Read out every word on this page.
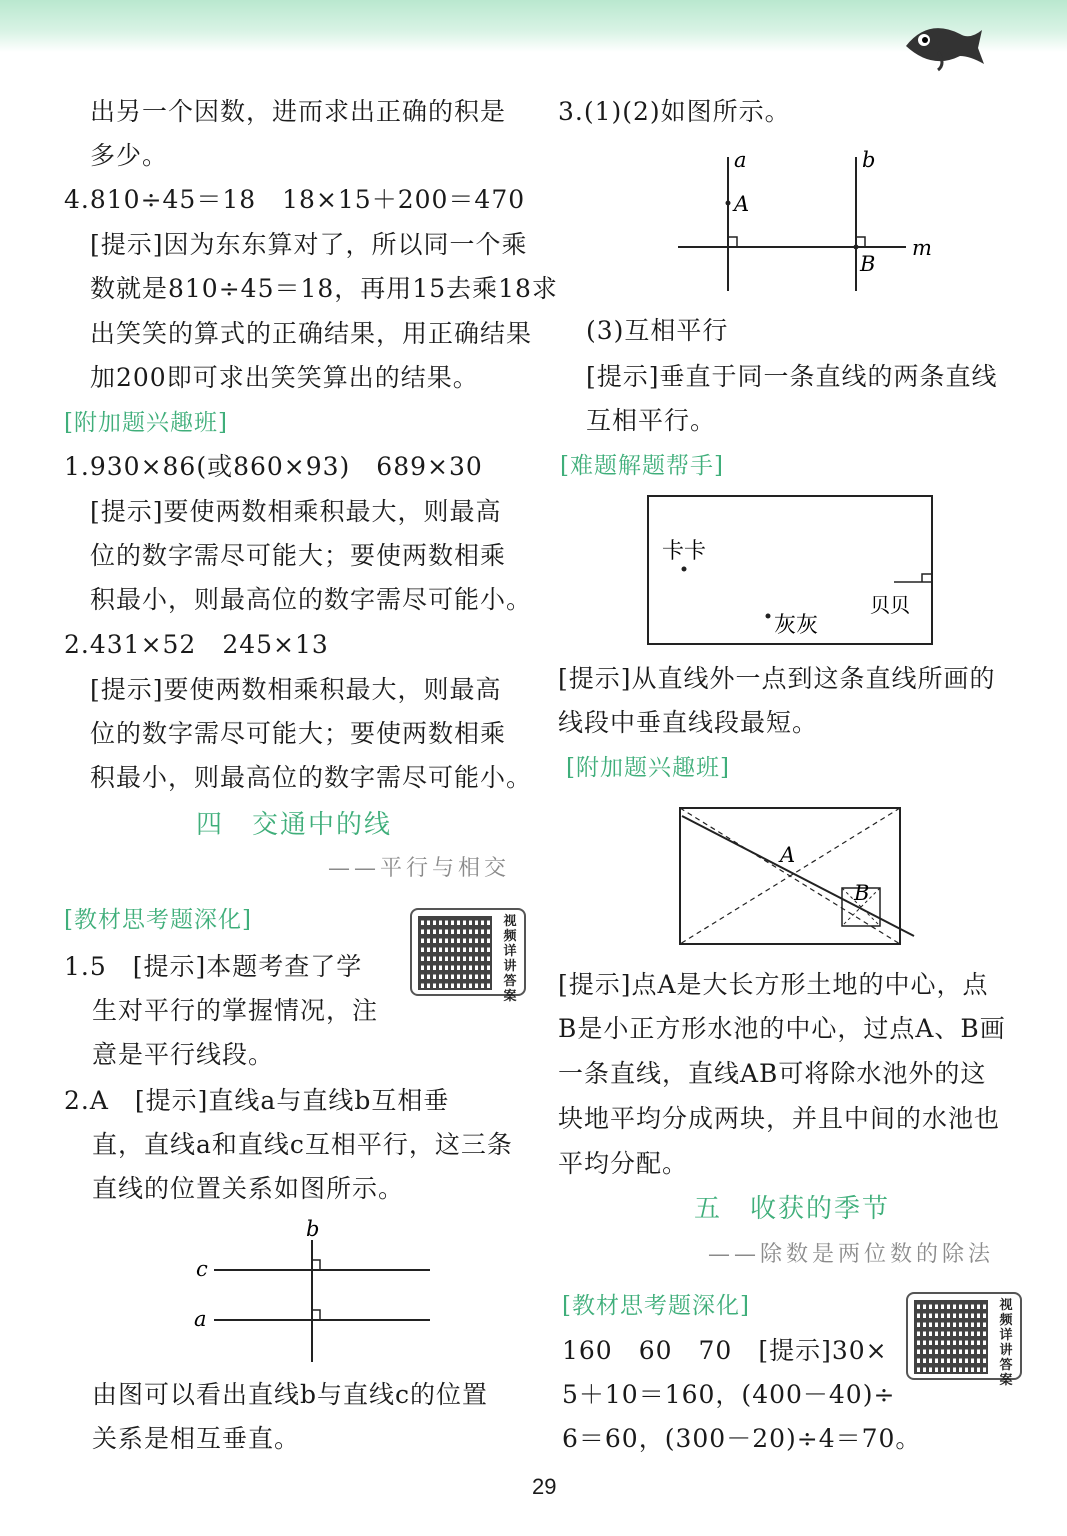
出另一个因数，进而求出正确的积是
多少。
4.810÷45＝18　18×15＋200＝470
[提示]因为东东算对了，所以同一个乘
数就是810÷45＝18，再用15去乘18求
出笑笑的算式的正确结果，用正确结果
加200即可求出笑笑算出的结果。
[附加题兴趣班]
1.930×86(或860×93)　689×30
[提示]要使两数相乘积最大，则最高
位的数字需尽可能大；要使两数相乘
积最小，则最高位的数字需尽可能小。
2.431×52　245×13
[提示]要使两数相乘积最大，则最高
位的数字需尽可能大；要使两数相乘
积最小，则最高位的数字需尽可能小。
四　交通中的线
——平行与相交
[教材思考题深化]	视频详讲答案
1.5　[提示]本题考查了学
生对平行的掌握情况，注
意是平行线段。
2.A　[提示]直线a与直线b互相垂
直，直线a和直线c互相平行，这三条
直线的位置关系如图所示。
b
c
a
由图可以看出直线b与直线c的位置
关系是相互垂直。
3.(1)(2)如图所示。
a
A
b
B
m
(3)互相平行
[提示]垂直于同一条直线的两条直线
互相平行。
[难题解题帮手]
卡卡
贝贝
灰灰
[提示]从直线外一点到这条直线所画的
线段中垂直线段最短。
[附加题兴趣班]
A
B
[提示]点A是大长方形土地的中心，点
B是小正方形水池的中心，过点A、B画
一条直线，直线AB可将除水池外的这
块地平均分成两块，并且中间的水池也
平均分配。
五　收获的季节
——除数是两位数的除法
[教材思考题深化]	视频详讲答案
160　60　70　[提示]30×
5＋10＝160，(400－40)÷
6＝60，(300－20)÷4＝70。
29
